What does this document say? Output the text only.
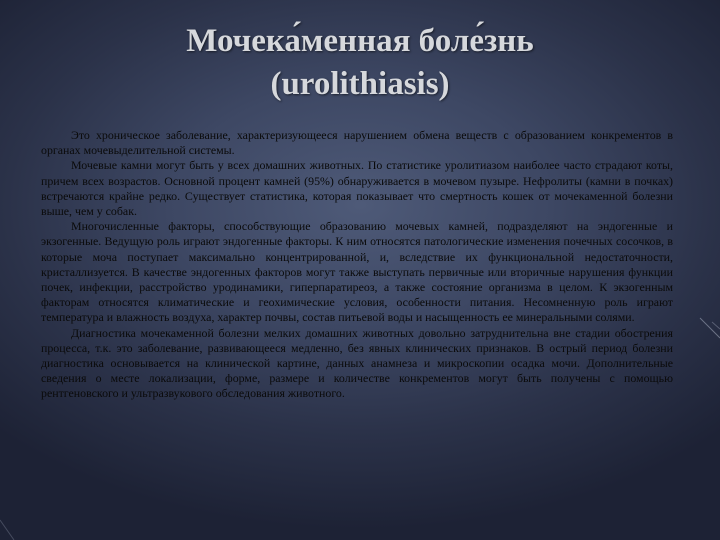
Мочека́менная боле́знь
(urolithiasis)

Это хроническое заболевание, характеризующееся нарушением обмена веществ с образованием конкрементов в органах мочевыделительной системы.

Мочевые камни могут быть у всех домашних животных. По статистике уролитиазом наиболее часто страдают коты, причем всех возрастов. Основной процент камней (95%) обнаруживается в мочевом пузыре. Нефролиты (камни в почках) встречаются крайне редко. Существует статистика, которая показывает что смертность кошек от мочекаменной болезни выше, чем у собак.

Многочисленные факторы, способствующие образованию мочевых камней, подразделяют на эндогенные и экзогенные. Ведущую роль играют эндогенные факторы. К ним относятся патологические изменения почечных сосочков, в которые моча поступает максимально концентрированной, и, вследствие их функциональной недостаточности, кристаллизуется. В качестве эндогенных факторов могут также выступать первичные или вторичные нарушения функции почек, инфекции, расстройство уродинамики, гиперпаратиреоз, а также состояние организма в целом. К экзогенным факторам относятся климатические и геохимические условия, особенности питания. Несомненную роль играют температура и влажность воздуха, характер почвы, состав питьевой воды и насыщенность ее минеральными солями.

Диагностика мочекаменной болезни мелких домашних животных довольно затруднительна вне стадии обострения процесса, т.к. это заболевание, развивающееся медленно, без явных клинических признаков. В острый период болезни диагностика основывается на клинической картине, данных анамнеза и микроскопии осадка мочи. Дополнительные сведения о месте локализации, форме, размере и количестве конкрементов могут быть получены с помощью рентгеновского и ультразвукового обследования животного.
